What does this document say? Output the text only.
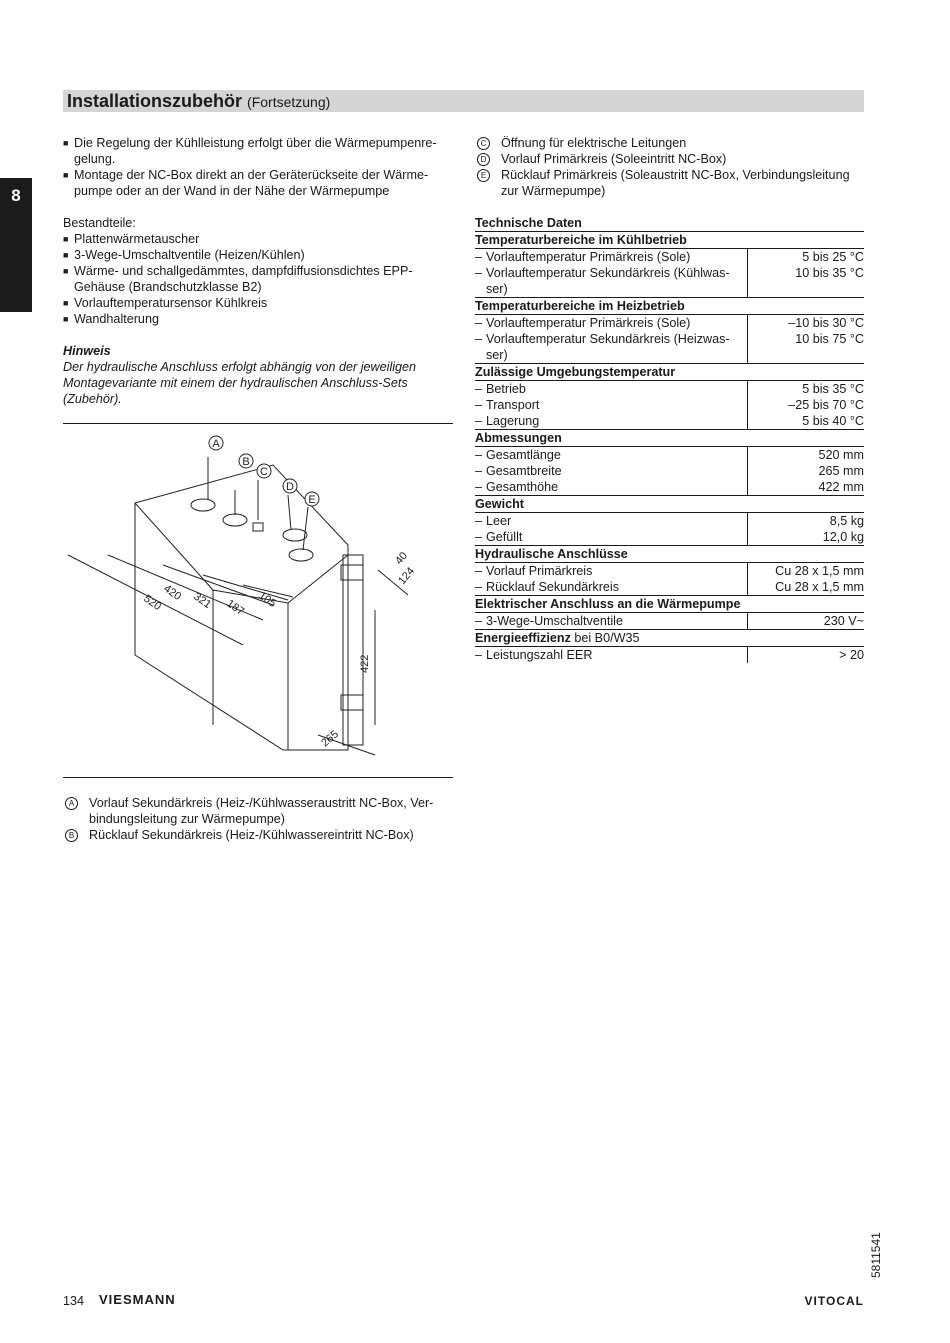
Installationszubehör (Fortsetzung)
8
■ Die Regelung der Kühlleistung erfolgt über die Wärmepumpenre-
gelung.
■ Montage der NC-Box direkt an der Geräterückseite der Wärme-
pumpe oder an der Wand in der Nähe der Wärmepumpe
Bestandteile:
■ Plattenwärmetauscher
■ 3-Wege-Umschaltventile (Heizen/Kühlen)
■ Wärme- und schallgedämmtes, dampfdiffusionsdichtes EPP-
Gehäuse (Brandschutzklasse B2)
■ Vorlauftemperatursensor Kühlkreis
■ Wandhalterung
Hinweis
Der hydraulische Anschluss erfolgt abhängig von der jeweiligen
Montagevariante mit einem der hydraulischen Anschluss-Sets
(Zubehör).
A
B
C
D
E
40
124
420
520	321 187 105
422
265
A	Vorlauf Sekundärkreis (Heiz-/Kühlwasseraustritt NC-Box, Ver-
bindungsleitung zur Wärmepumpe)
B	Rücklauf Sekundärkreis (Heiz-/Kühlwassereintritt NC-Box)
C Öffnung für elektrische Leitungen
D Vorlauf Primärkreis (Soleeintritt NC-Box)
E	Rücklauf Primärkreis (Soleaustritt NC-Box, Verbindungsleitung
zur Wärmepumpe)
Technische Daten	
Temperaturbereiche im Kühlbetrieb	

– Vorlauftemperatur Primärkreis (Sole)	5 bis 25 °C

– Vorlauftemperatur Sekundärkreis (Kühlwas-
ser)	10 bis 35 °C
Temperaturbereiche im Heizbetrieb	

– Vorlauftemperatur Primärkreis (Sole)	–10 bis 30 °C

– Vorlauftemperatur Sekundärkreis (Heizwas-
ser)	10 bis 75 °C
Zulässige Umgebungstemperatur	

– Betrieb	5 bis 35 °C

– Transport	–25 bis 70 °C

– Lagerung	5 bis 40 °C
Abmessungen	

– Gesamtlänge	520 mm

– Gesamtbreite	265 mm

– Gesamthöhe	422 mm
Gewicht	

– Leer	8,5 kg

– Gefüllt	12,0 kg
Hydraulische Anschlüsse	

– Vorlauf Primärkreis	Cu 28 x 1,5 mm

– Rücklauf Sekundärkreis	Cu 28 x 1,5 mm
Elektrischer Anschluss an die Wärmepumpe	

– 3-Wege-Umschaltventile	230 V~
Energieeffizienz bei B0/W35	

– Leistungszahl EER	> 20
134 VIESMANN	VITOCAL
5811541
